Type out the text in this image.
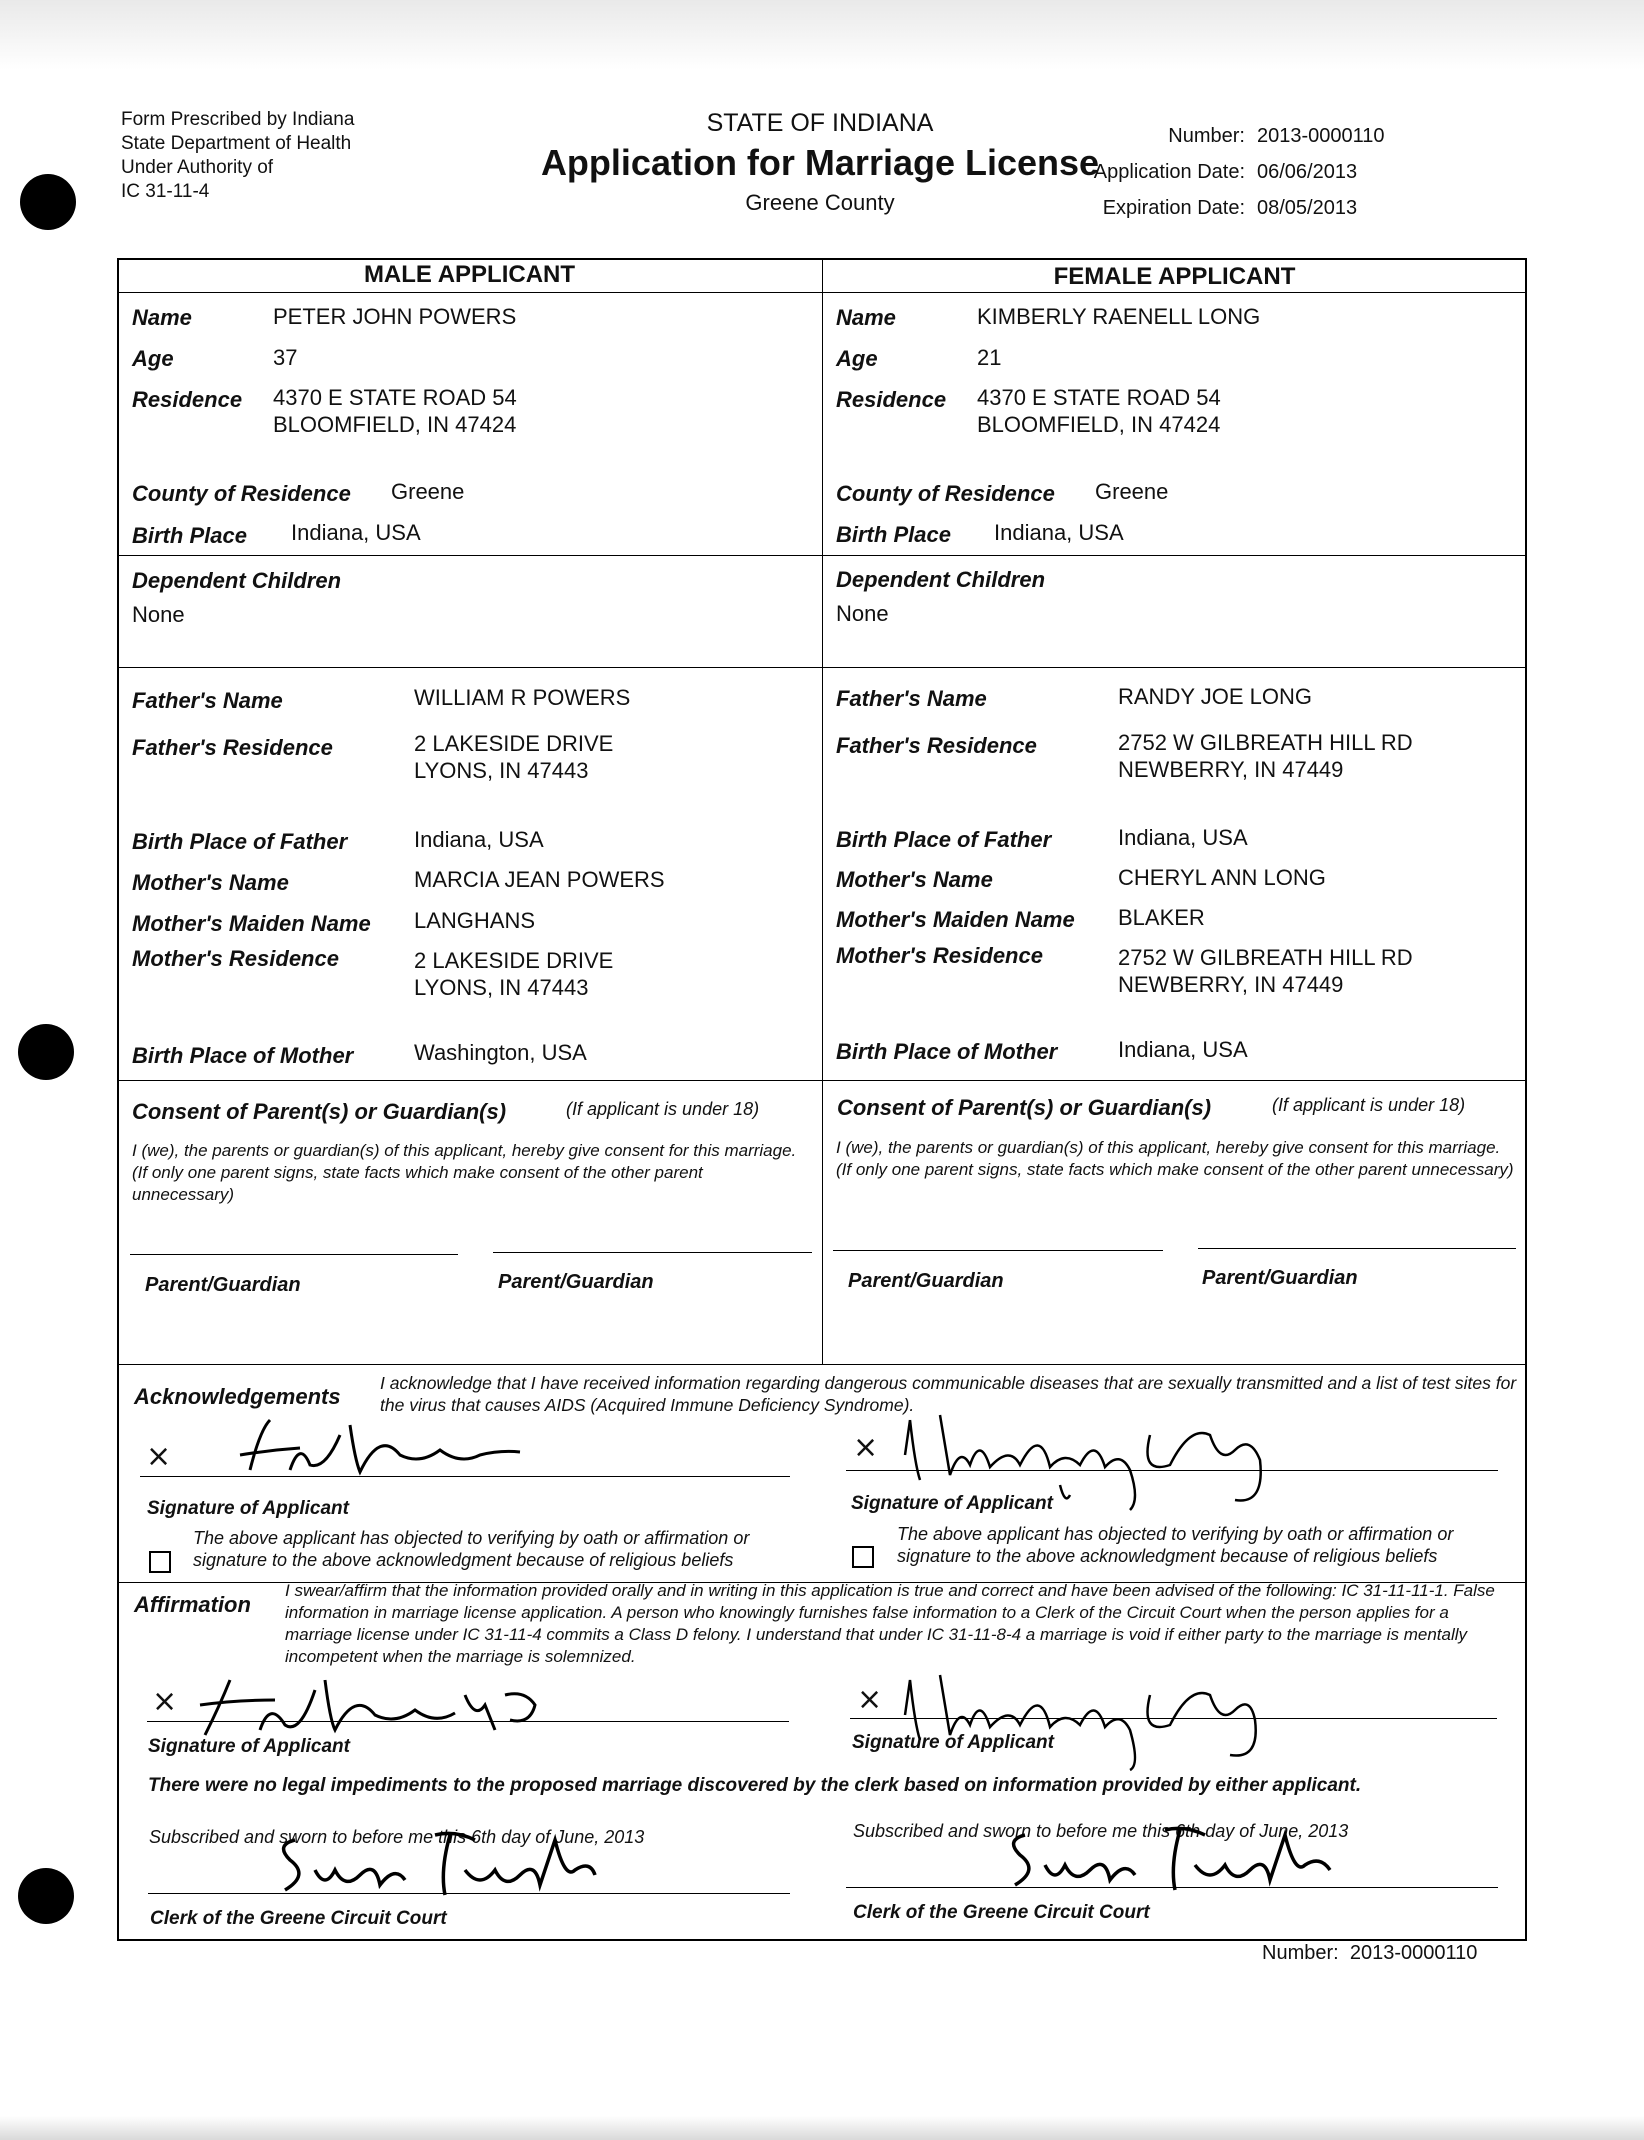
Form Prescribed by Indiana
State Department of Health
Under Authority of
IC 31-11-4
STATE OF INDIANA
Application for Marriage License
Greene County
Number: 2013-0000110
Application Date: 06/06/2013
Expiration Date: 08/05/2013
MALE APPLICANT	FEMALE APPLICANT
Name	PETER JOHN POWERS
Age	37
Residence 4370 E STATE ROAD 54
BLOOMFIELD, IN 47424
County of Residence Greene
Birth Place Indiana, USA
Dependent Children
None
Father's Name	WILLIAM R POWERS
Father's Residence	2 LAKESIDE DRIVE
LYONS, IN 47443
Birth Place of Father	Indiana, USA
Mother's Name	MARCIA JEAN POWERS
Mother's Maiden Name LANGHANS
Mother's Residence	2 LAKESIDE DRIVE
LYONS, IN 47443
Birth Place of Mother	Washington, USA
Name	KIMBERLY RAENELL LONG
Age	21
Residence 4370 E STATE ROAD 54
BLOOMFIELD, IN 47424
County of Residence Greene
Birth Place Indiana, USA
Dependent Children
None
Father's Name	RANDY JOE LONG
Father's Residence	2752 W GILBREATH HILL RD
NEWBERRY, IN 47449
Birth Place of Father	Indiana, USA
Mother's Name	CHERYL ANN LONG
Mother's Maiden Name BLAKER
Mother's Residence	2752 W GILBREATH HILL RD
NEWBERRY, IN 47449
Birth Place of Mother	Indiana, USA
Consent of Parent(s) or Guardian(s)	(If applicant is under 18)
I (we), the parents or guardian(s) of this applicant, hereby give consent for this marriage. (If only one parent signs, state facts which make consent of the other parent unnecessary)
Parent/Guardian	Parent/Guardian
Consent of Parent(s) or Guardian(s)	(If applicant is under 18)
I (we), the parents or guardian(s) of this applicant, hereby give consent for this marriage. (If only one parent signs, state facts which make consent of the other parent unnecessary)
Parent/Guardian	Parent/Guardian
Acknowledgements
I acknowledge that I have received information regarding dangerous communicable diseases that are sexually transmitted and a list of test sites for the virus that causes AIDS (Acquired Immune Deficiency Syndrome).
×
Signature of Applicant
The above applicant has objected to verifying by oath or affirmation or signature to the above acknowledgment because of religious beliefs
×
Signature of Applicant
The above applicant has objected to verifying by oath or affirmation or signature to the above acknowledgment because of religious beliefs
Affirmation
I swear/affirm that the information provided orally and in writing in this application is true and correct and have been advised of the following: IC 31-11-11-1. False information in marriage license application. A person who knowingly furnishes false information to a Clerk of the Circuit Court when the person applies for a marriage license under IC 31-11-4 commits a Class D felony. I understand that under IC 31-11-8-4 a marriage is void if either party to the marriage is mentally incompetent when the marriage is solemnized.
×
Signature of Applicant
×
Signature of Applicant
There were no legal impediments to the proposed marriage discovered by the clerk based on information provided by either applicant.
Subscribed and sworn to before me this 6th day of June, 2013
Clerk of the Greene Circuit Court
Subscribed and sworn to before me this 6th day of June, 2013
Clerk of the Greene Circuit Court
Number: 2013-0000110
